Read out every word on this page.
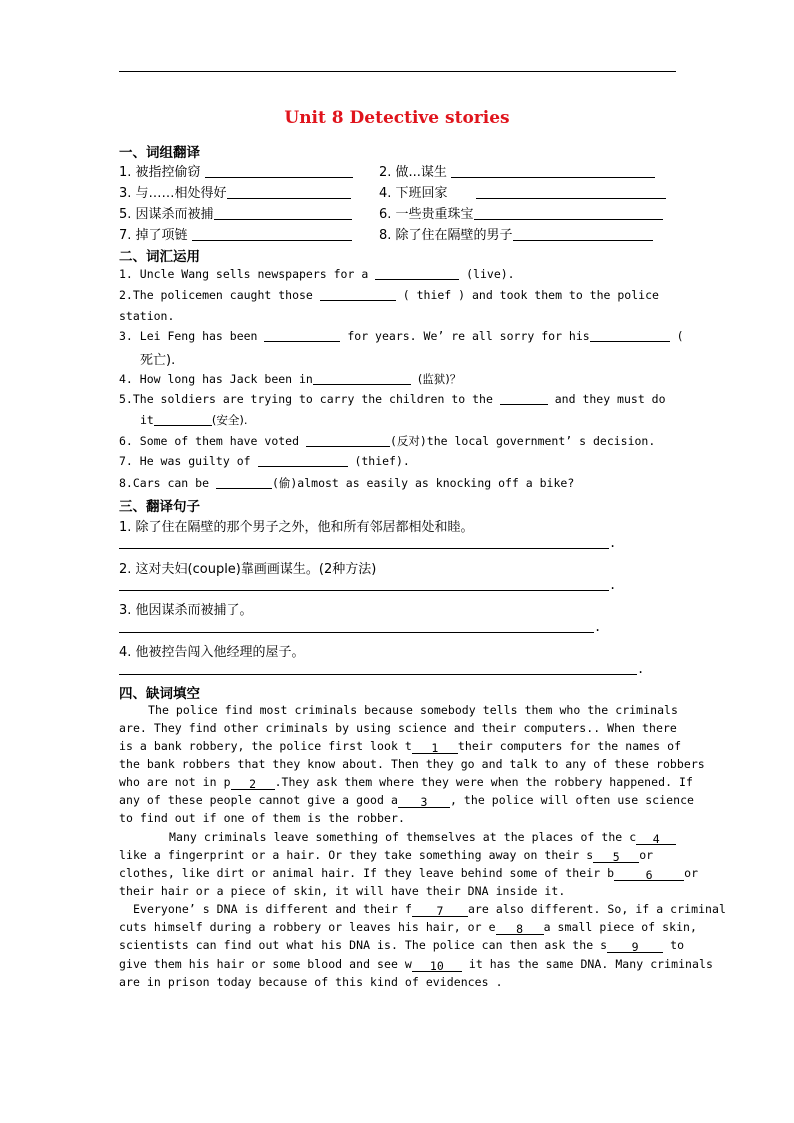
Unit 8 Detective stories
一、词组翻译
1. 被指控偷窃	2. 做...谋生
3. 与……相处得好	4. 下班回家
5. 因谋杀而被捕	6. 一些贵重珠宝
7. 掉了项链	8. 除了住在隔壁的男子
二、词汇运用
1. Uncle Wang sells newspapers for a	(live).
2.The policemen caught those	( thief ) and took them to the police
station.
3. Lei Feng has been	for years. We’ re all sorry for his	(
死亡).
4. How long has Jack been in	(监狱)？
5.The soldiers are trying to carry the children to the	and they must do
it	(安全).
6. Some of them have voted	(反对)the local government’ s decision.
7. He was guilty of	(thief).
8.Cars can be	(偷)almost as easily as knocking off a bike?
三、翻译句子
1. 除了住在隔壁的那个男子之外，他和所有邻居都相处和睦。
.
2. 这对夫妇(couple)靠画画谋生。(2种方法)
.
3. 他因谋杀而被捕了。
.
4. 他被控告闯入他经理的屋子。
.
四、缺词填空
The police find most criminals because somebody tells them who the criminals
are. They find other criminals by using science and their computers.. When there
is a bank robbery, the police first look t 1 their computers for the names of
the bank robbers that they know about. Then they go and talk to any of these robbers
who are not in p 2 .They ask them where they were when the robbery happened. If
any of these people cannot give a good a 3 , the police will often use science
to find out if one of them is the robber.
Many criminals leave something of themselves at the places of the c 4
like a fingerprint or a hair. Or they take something away on their s 5 or
clothes, like dirt or animal hair. If they leave behind some of their b	6	or
their hair or a piece of skin, it will have their DNA inside it.
Everyone’ s DNA is different and their f 7 are also different. So, if a criminal
cuts himself during a robbery or leaves his hair, or e 8 a small piece of skin,
scientists can find out what his DNA is. The police can then ask the s 9	to
give them his hair or some blood and see w 10 it has the same DNA. Many criminals
are in prison today because of this kind of evidences .
